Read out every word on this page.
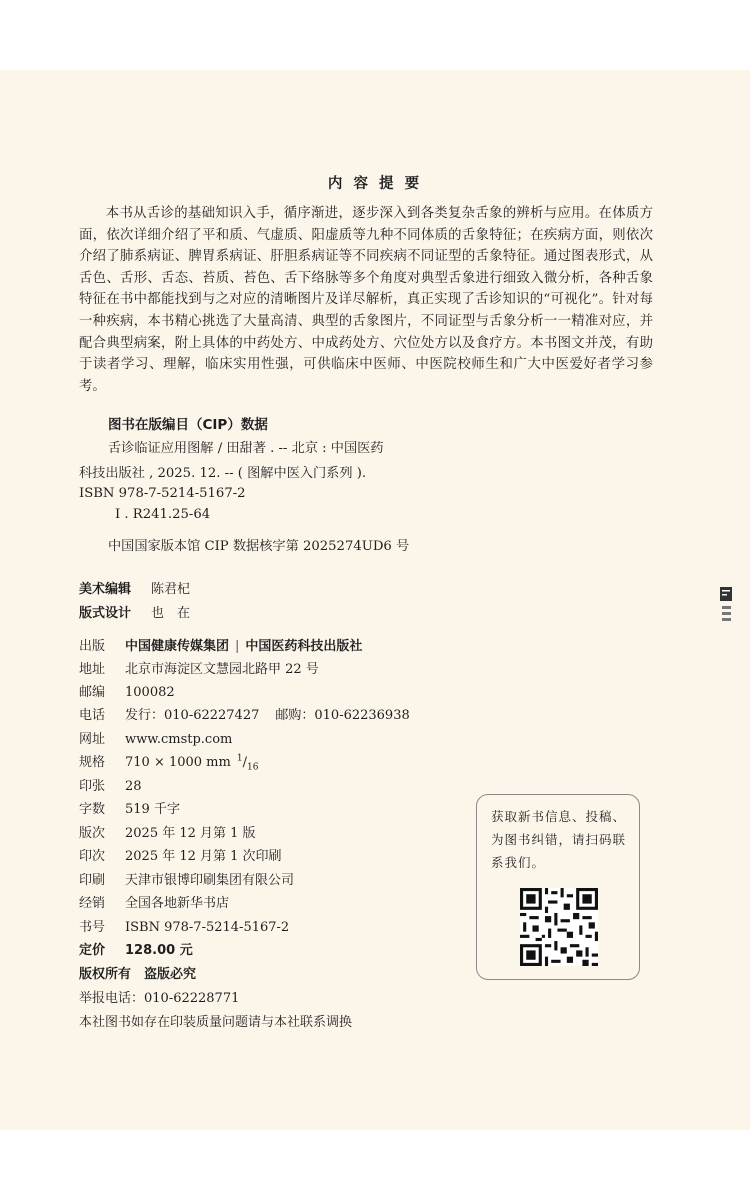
内 容 提 要
本书从舌诊的基础知识入手，循序渐进，逐步深入到各类复杂舌象的辨析与应用。在体质方面，依次详细介绍了平和质、气虚质、阳虚质等九种不同体质的舌象特征；在疾病方面，则依次介绍了肺系病证、脾胃系病证、肝胆系病证等不同疾病不同证型的舌象特征。通过图表形式，从舌色、舌形、舌态、苔质、苔色、舌下络脉等多个角度对典型舌象进行细致入微分析，各种舌象特征在书中都能找到与之对应的清晰图片及详尽解析，真正实现了舌诊知识的“可视化”。针对每一种疾病，本书精心挑选了大量高清、典型的舌象图片，不同证型与舌象分析一一精准对应，并配合典型病案，附上具体的中药处方、中成药处方、穴位处方以及食疗方。本书图文并茂，有助于读者学习、理解，临床实用性强，可供临床中医师、中医院校师生和广大中医爱好者学习参考。
图书在版编目（CIP）数据
舌诊临证应用图解 / 田甜著 . -- 北京 : 中国医药
科技出版社 , 2025. 12. -- ( 图解中医入门系列 ).
ISBN 978-7-5214-5167-2
Ⅰ . R241.25-64
中国国家版本馆 CIP 数据核字第 2025274UD6 号
美术编辑 陈君杞
版式设计 也　在
出版 中国健康传媒集团 | 中国医药科技出版社
地址 北京市海淀区文慧园北路甲 22 号
邮编 100082
电话 发行：010-62227427 邮购：010-62236938
网址 www.cmstp.com
规格 710 × 1000 mm $^1/_{16}$
印张 28
字数 519 千字
版次 2025 年 12 月第 1 版
印次 2025 年 12 月第 1 次印刷
印刷 天津市银博印刷集团有限公司
经销 全国各地新华书店
书号 ISBN 978-7-5214-5167-2
定价 128.00 元
版权所有　盗版必究
举报电话：010-62228771
本社图书如存在印装质量问题请与本社联系调换
获取新书信息、投稿、为图书纠错，请扫码联系我们。
